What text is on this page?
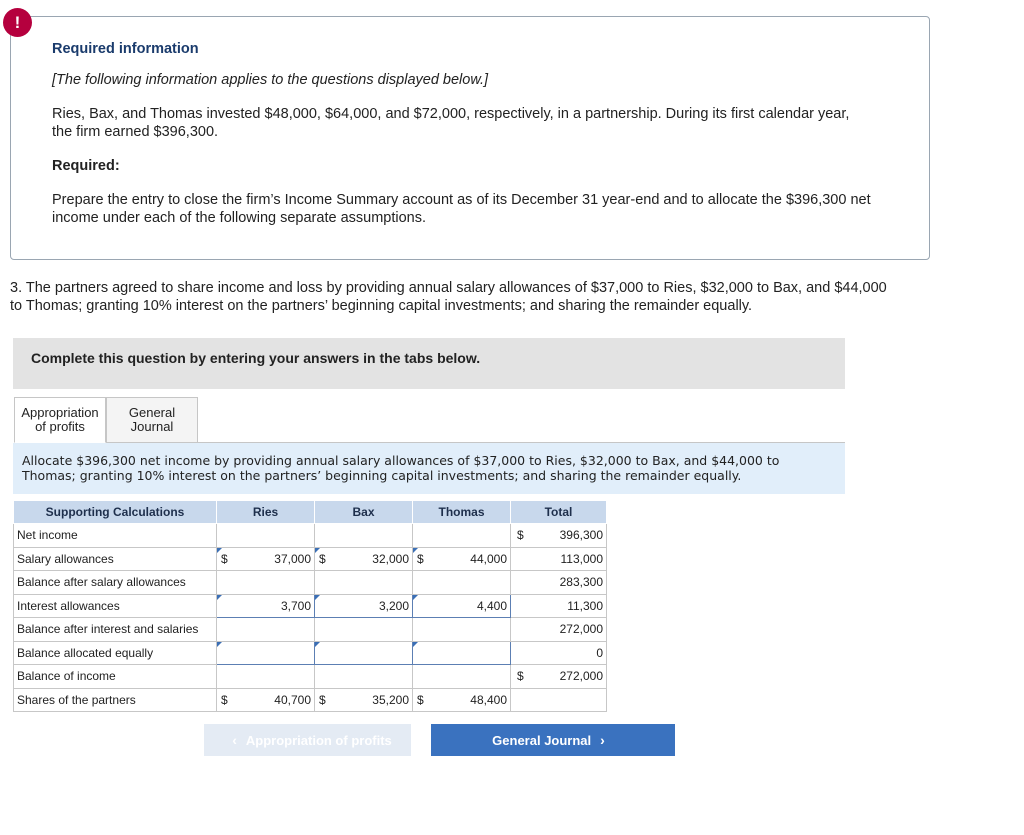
!

Required information

[The following information applies to the questions displayed below.]

Ries, Bax, and Thomas invested $48,000, $64,000, and $72,000, respectively, in a partnership. During its first calendar year, the firm earned $396,300.

Required:

Prepare the entry to close the firm’s Income Summary account as of its December 31 year-end and to allocate the $396,300 net income under each of the following separate assumptions.

3. The partners agreed to share income and loss by providing annual salary allowances of $37,000 to Ries, $32,000 to Bax, and $44,000 to Thomas; granting 10% interest on the partners’ beginning capital investments; and sharing the remainder equally.
Complete this question by entering your answers in the tabs below.
Appropriation
of profits
General
Journal
Allocate $396,300 net income by providing annual salary allowances of $37,000 to Ries, $32,000 to Bax, and $44,000 to Thomas; granting 10% interest on the partners’ beginning capital investments; and sharing the remainder equally.
Supporting Calculations	Ries		Bax		Thomas		Total	
Net income							$	396,300
Salary allowances	$	37,000	$	32,000	$	44,000		113,000
Balance after salary allowances								283,300
Interest allowances	3,700		3,200		4,400			11,300
Balance after interest and salaries								272,000
Balance allocated equally								0
Balance of income							$	272,000
Shares of the partners	$	40,700	$	35,200	$	48,400		
‹ Appropriation of profits	General Journal ›
